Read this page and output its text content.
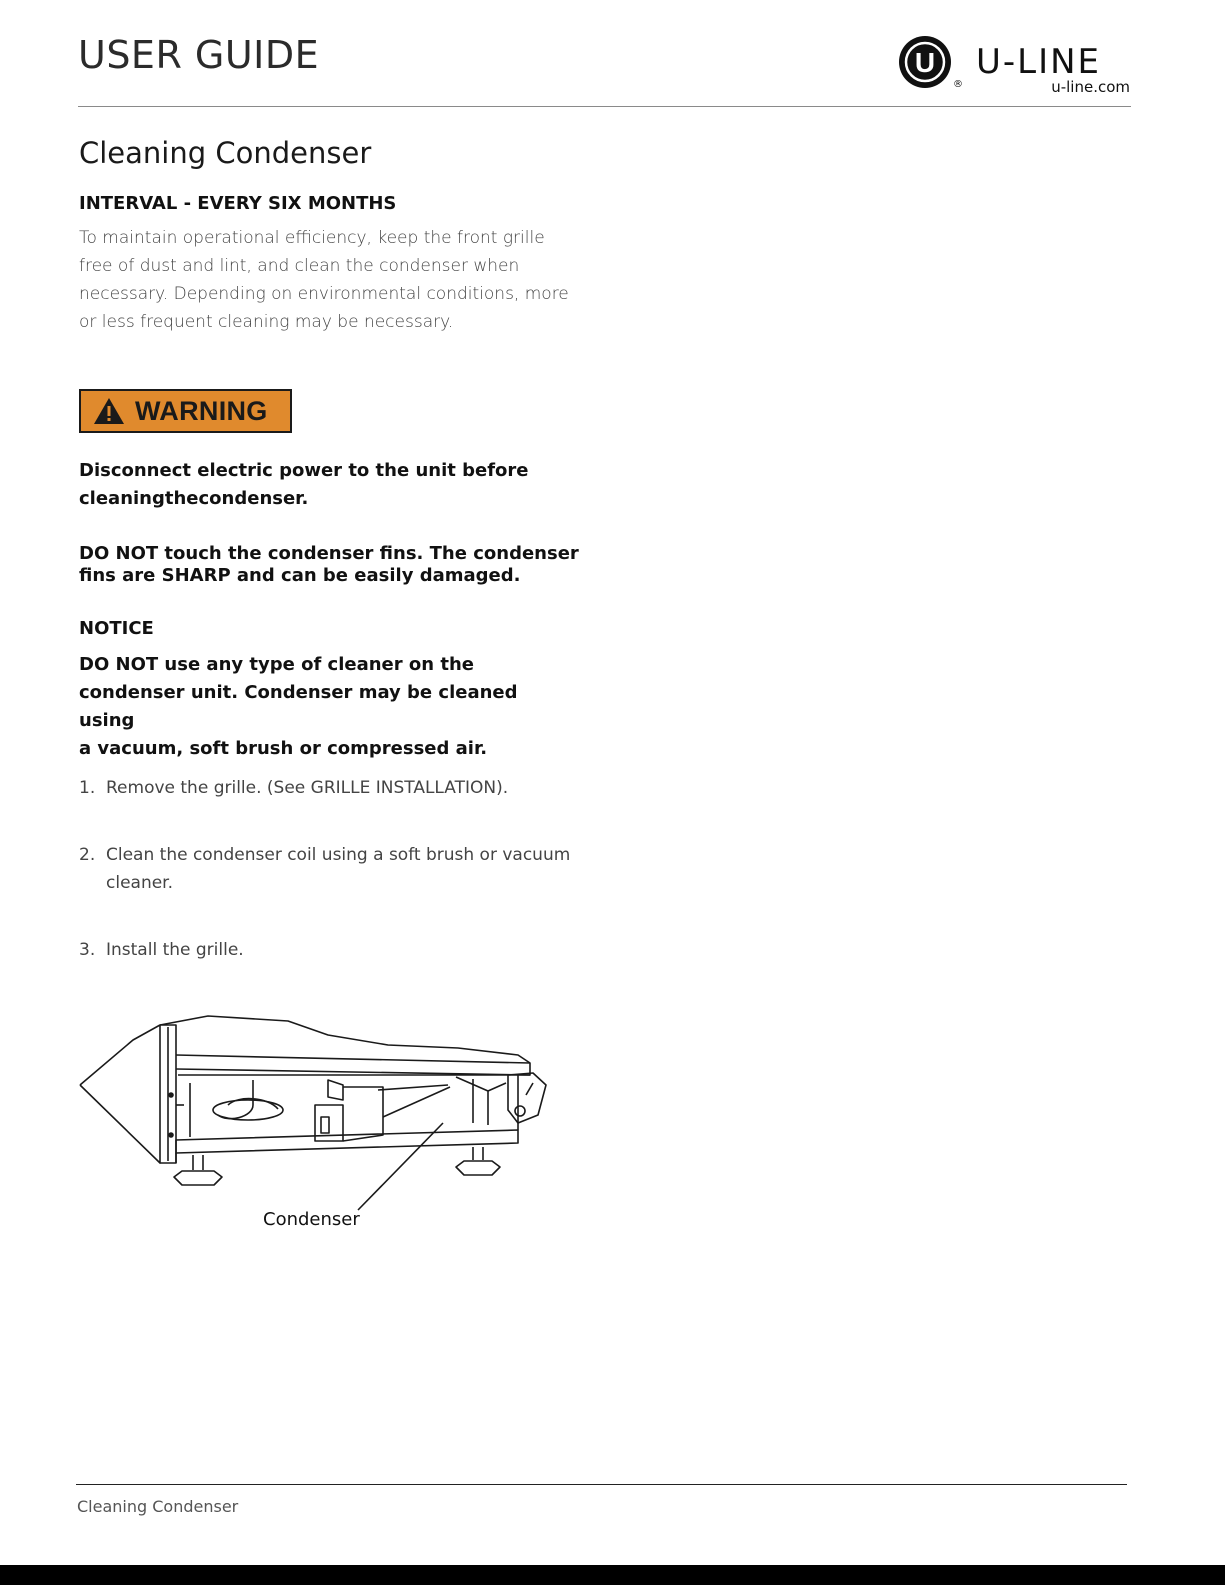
USER GUIDE	U
®
U-LINE
u-line.com
Cleaning Condenser

INTERVAL - EVERY SIX MONTHS

To maintain operational efficiency, keep the front grille
free of dust and lint, and clean the condenser when
necessary. Depending on environmental conditions, more
or less frequent cleaning may be necessary.

WARNING

Disconnect electric power to the unit before
cleaningthecondenser.

DO NOT touch the condenser fins. The condenser
fins are SHARP and can be easily damaged.

NOTICE

DO NOT use any type of cleaner on the
condenser unit. Condenser may be cleaned using
a vacuum, soft brush or compressed air.

1. Remove the grille. (See GRILLE INSTALLATION).
2. Clean the condenser coil using a soft brush or vacuum
cleaner.
3. Install the grille.
Condenser
Cleaning Condenser
